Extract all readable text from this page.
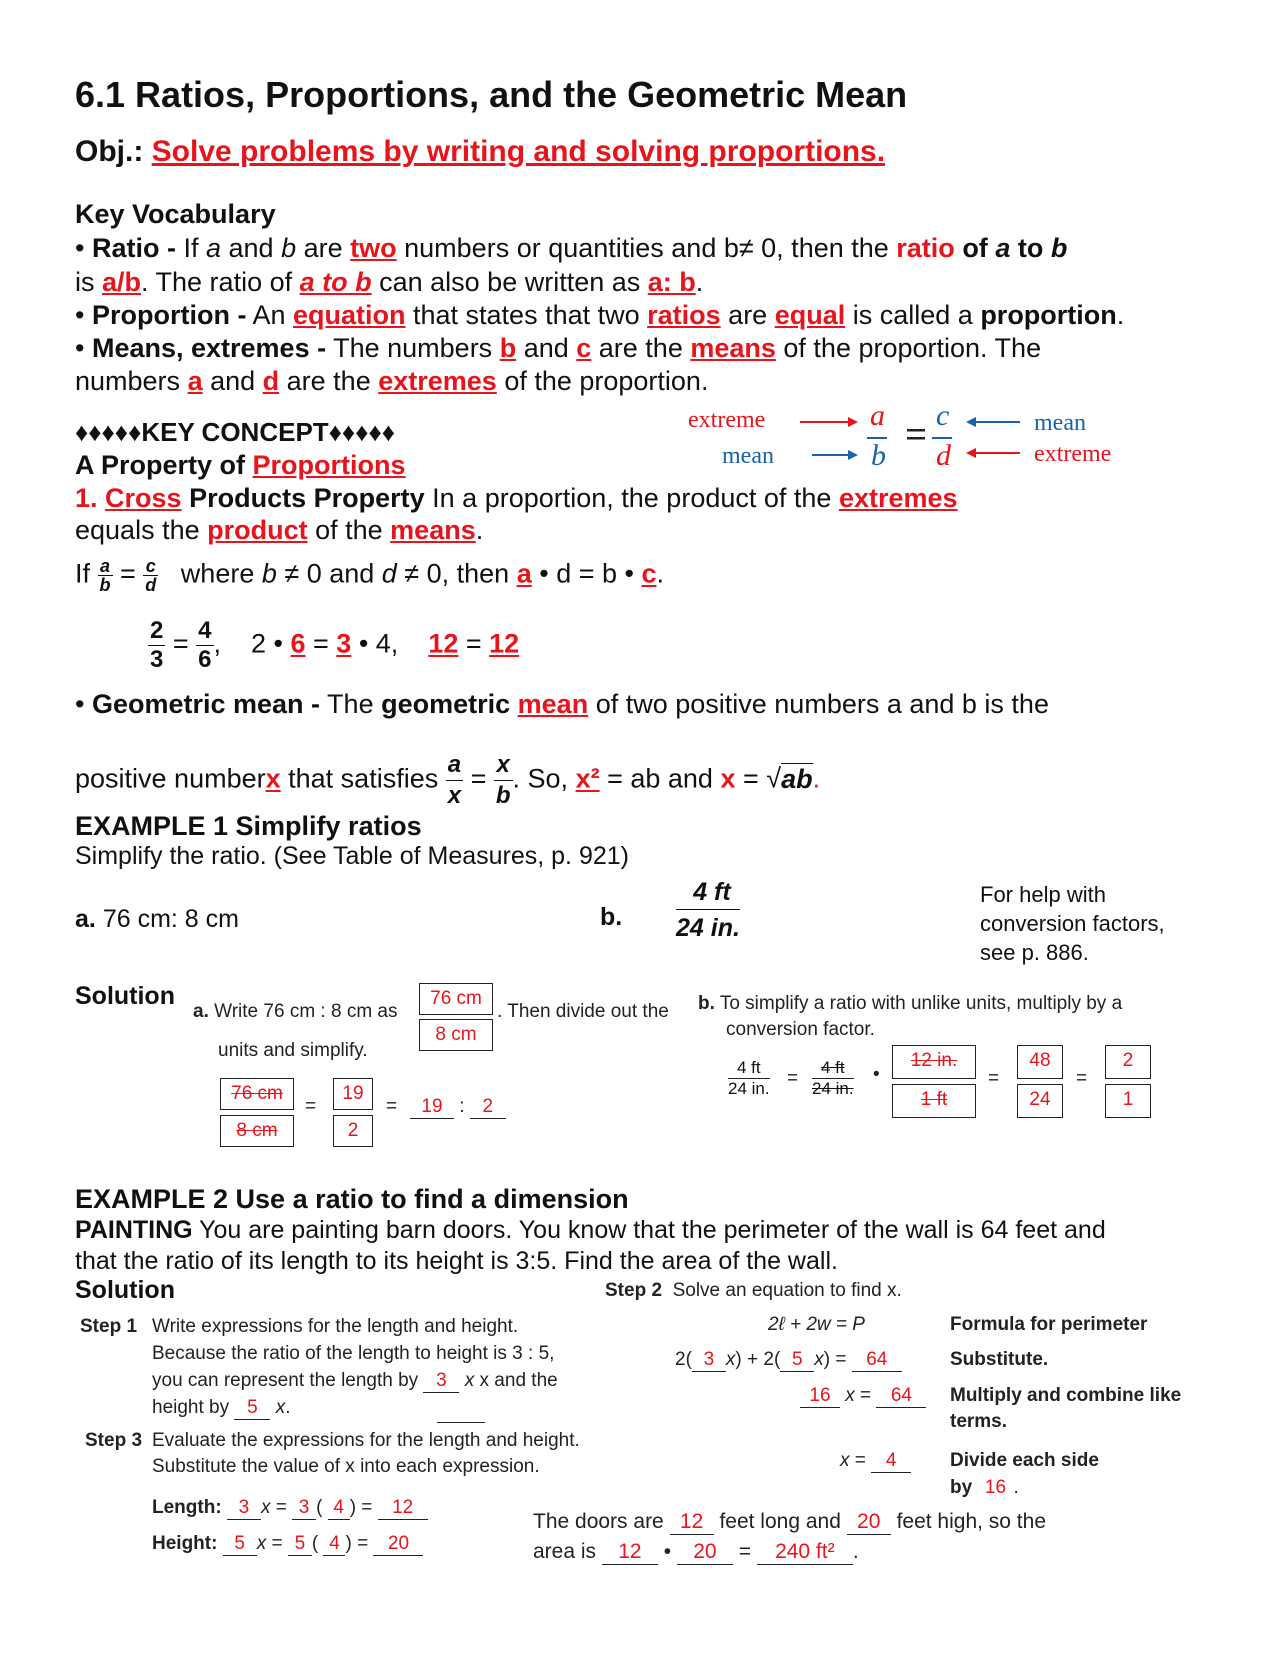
6.1 Ratios, Proportions, and the Geometric Mean
Obj.: Solve problems by writing and solving proportions.
Key Vocabulary
• Ratio - If a and b are two numbers or quantities and b≠ 0, then the ratio of a to b
is a/b. The ratio of a to b can also be written as a: b.
• Proportion - An equation that states that two ratios are equal is called a proportion.
• Means, extremes - The numbers b and c are the means of the proportion. The
numbers a and d are the extremes of the proportion.
♦♦♦♦♦KEY CONCEPT♦♦♦♦♦
A Property of Proportions
extreme
mean
a
b
c
d
mean
extreme
1. Cross Products Property In a proportion, the product of the extremes
equals the product of the means.
If $\frac{a}{b} = \frac{c}{d}$ where b ≠ 0 and d ≠ 0, then a • d = b • c.
$\frac{2}{3} = \frac{4}{6}$ ,    2 • 6 = 3 • 4,    12 = 12
• Geometric mean - The geometric mean of two positive numbers a and b is the
positive numberx that satisfies $\frac{a}{x} = \frac{x}{b}$ . So, x² = ab and x = √ab.
EXAMPLE 1 Simplify ratios
Simplify the ratio. (See Table of Measures, p. 921)
a. 76 cm: 8 cm	b. $\frac{4 ft}{24 in.}$	For help with
conversion factors,
see p. 886.
Solution
a. Write 76 cm : 8 cm as
76 cm
8 cm
. Then divide out the
units and simplify.
76 cm
8 cm
=
19
2
=	19 : 2
b. To simplify a ratio with unlike units, multiply by a
conversion factor.
4 ft
24 in. =
4 ft
24 in.
•
12 in.
1 ft
=
48
24
=
2
1
EXAMPLE 2 Use a ratio to find a dimension
PAINTING You are painting barn doors. You know that the perimeter of the wall is 64 feet and
that the ratio of its length to its height is 3:5. Find the area of the wall.
Solution
Step 1 Write expressions for the length and height.
Because the ratio of the length to height is 3 : 5,
you can represent the length by 3 x x and the
height by 5 x.
Step 2 Solve an equation to find x.
2ℓ + 2w = P	Formula for perimeter
2( 3 x) + 2( 5 x) = 64	Substitute.
16 x = 64	Multiply and combine like
terms.
x = 4	Divide each side
by 16 .
Step 3 Evaluate the expressions for the length and height.
Substitute the value of x into each expression.
Length: 3 x = 3 ( 4 ) = 12
Height: 5 x = 5 ( 4 ) = 20
The doors are 12 feet long and 20 feet high, so the
area is 12 • 20 = 240 ft² .
